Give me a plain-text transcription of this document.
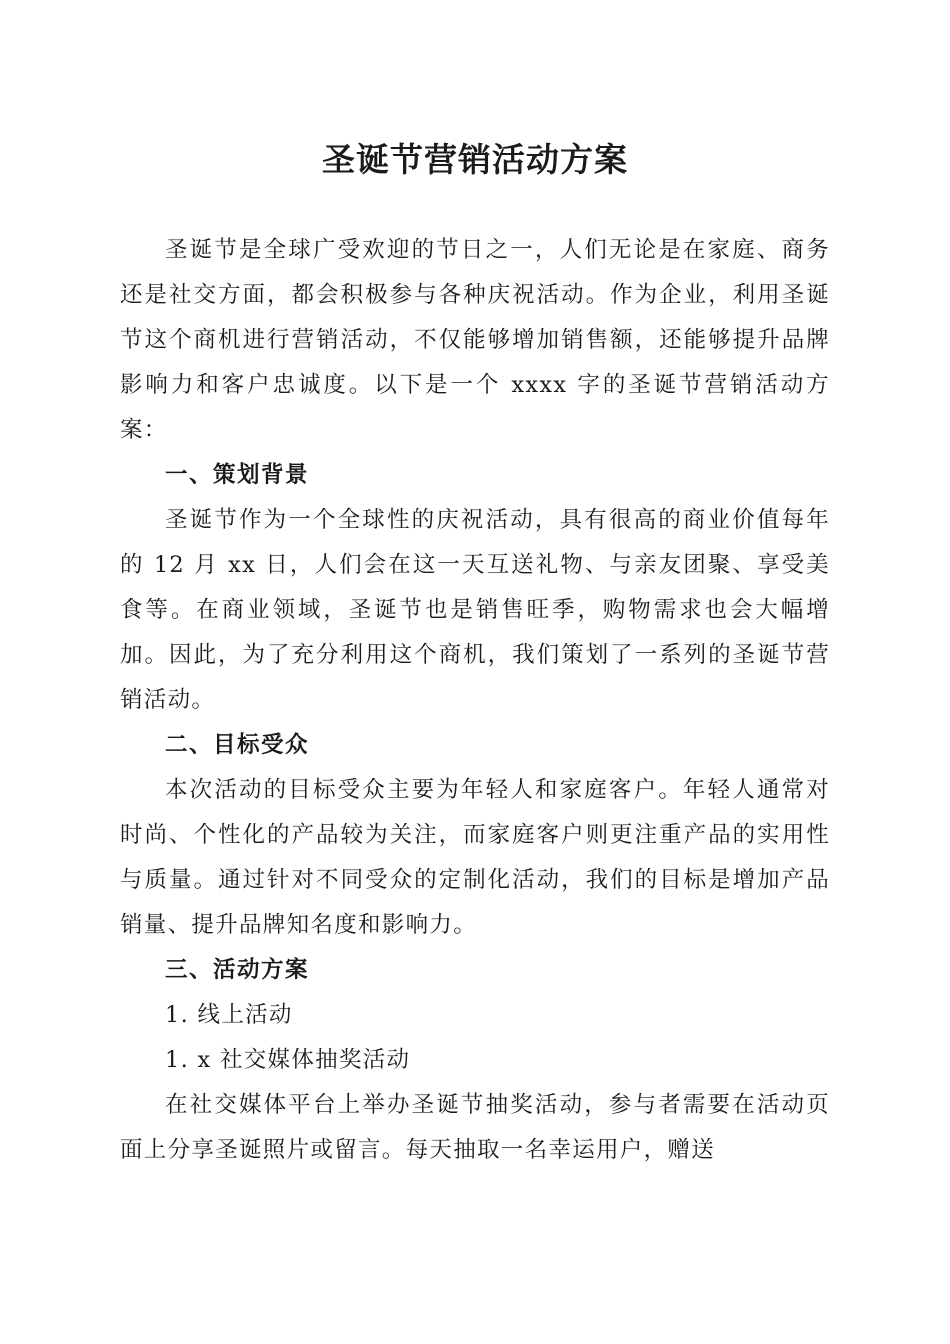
圣诞节营销活动方案

圣诞节是全球广受欢迎的节日之一，人们无论是在家庭、商务还是社交方面，都会积极参与各种庆祝活动。作为企业，利用圣诞节这个商机进行营销活动，不仅能够增加销售额，还能够提升品牌影响力和客户忠诚度。以下是一个 xxxx 字的圣诞节营销活动方案：

一、策划背景

圣诞节作为一个全球性的庆祝活动，具有很高的商业价值每年的 12 月 xx 日，人们会在这一天互送礼物、与亲友团聚、享受美食等。在商业领域，圣诞节也是销售旺季，购物需求也会大幅增加。因此，为了充分利用这个商机，我们策划了一系列的圣诞节营销活动。

二、目标受众

本次活动的目标受众主要为年轻人和家庭客户。年轻人通常对时尚、个性化的产品较为关注，而家庭客户则更注重产品的实用性与质量。通过针对不同受众的定制化活动，我们的目标是增加产品销量、提升品牌知名度和影响力。

三、活动方案

1. 线上活动

1. x 社交媒体抽奖活动

在社交媒体平台上举办圣诞节抽奖活动，参与者需要在活动页面上分享圣诞照片或留言。每天抽取一名幸运用户，赠送
